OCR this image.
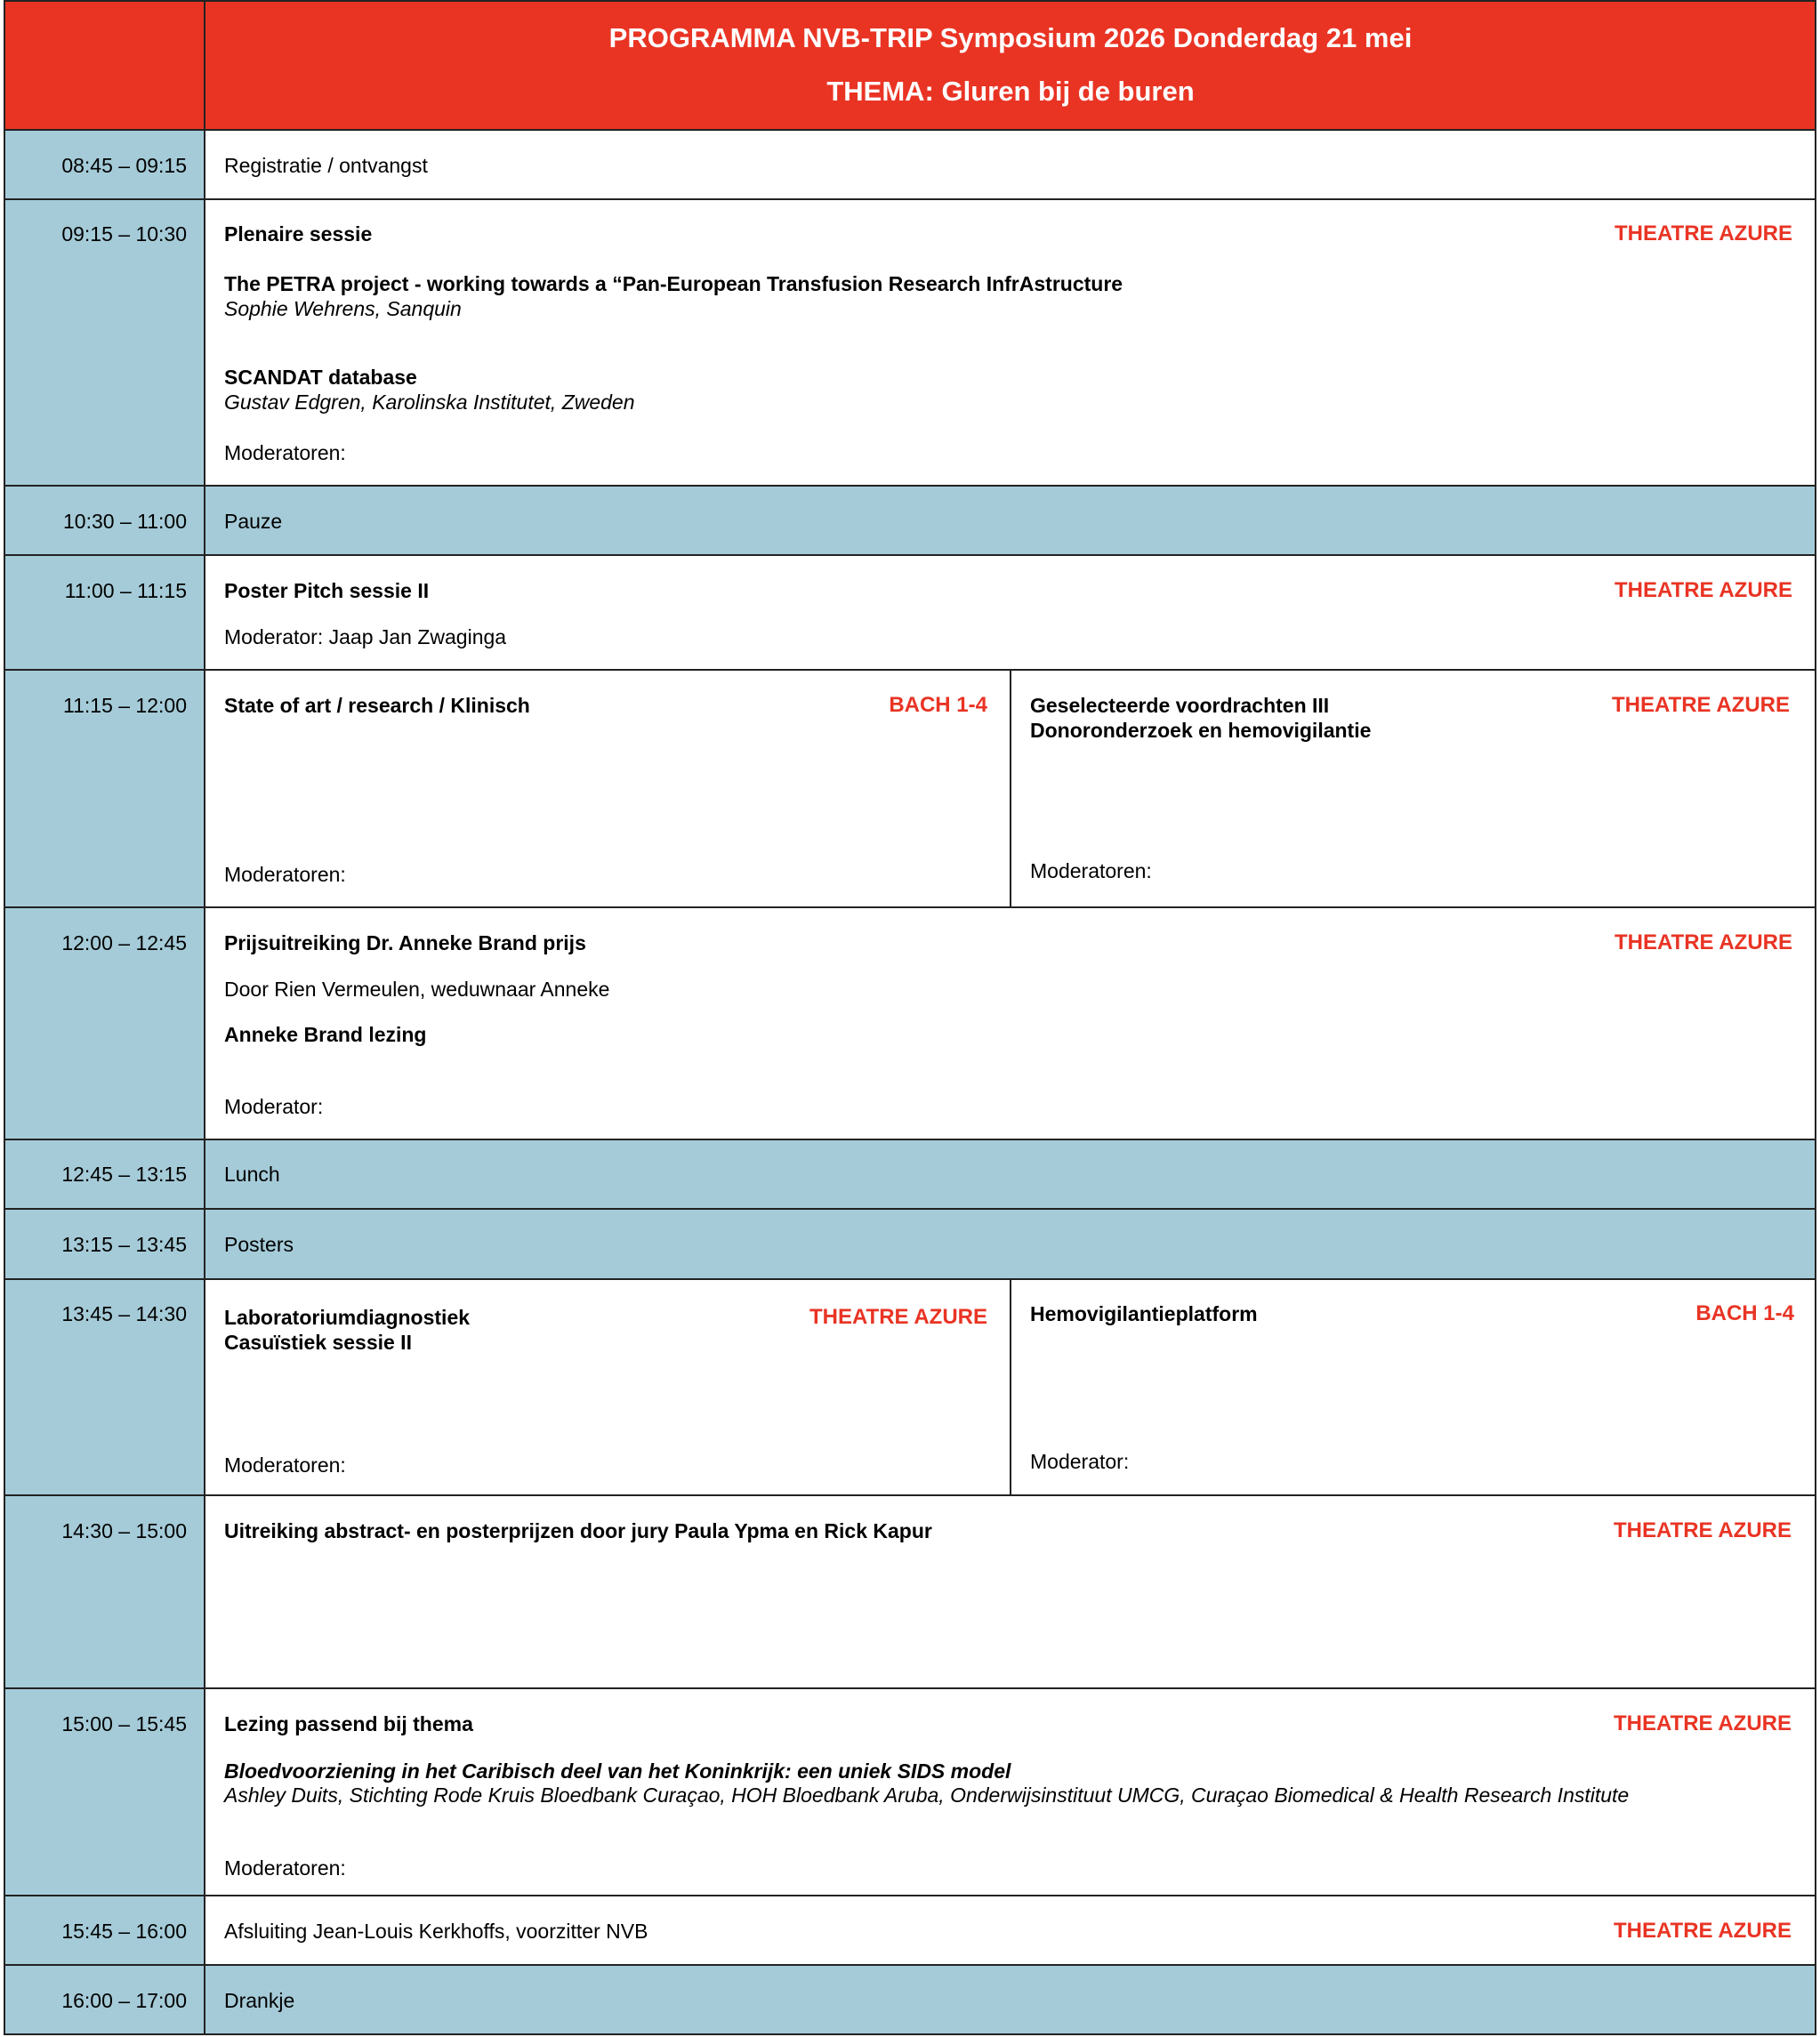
PROGRAMMA NVB-TRIP Symposium 2026 Donderdag 21 mei
THEMA: Gluren bij de buren
08:45 – 09:15 Registratie / ontvangst
09:15 – 10:30 Plenaire sessie	THEATRE AZURE
The PETRA project - working towards a “Pan-European Transfusion Research InfrAstructure
Sophie Wehrens, Sanquin
SCANDAT database
Gustav Edgren, Karolinska Institutet, Zweden
Moderatoren:
10:30 – 11:00 Pauze
11:00 – 11:15 Poster Pitch sessie II	THEATRE AZURE
Moderator: Jaap Jan Zwaginga
11:15 – 12:00 State of art / research / Klinisch	BACH 1-4
Moderatoren:
Geselecteerde voordrachten III
Donoronderzoek en hemovigilantie
THEATRE AZURE
Moderatoren:
12:00 – 12:45 Prijsuitreiking Dr. Anneke Brand prijs	THEATRE AZURE
Door Rien Vermeulen, weduwnaar Anneke
Anneke Brand lezing
Moderator:
12:45 – 13:15 Lunch
13:15 – 13:45 Posters
13:45 – 14:30 Laboratoriumdiagnostiek
Casuïstiek sessie II
THEATRE AZURE
Moderatoren:
Hemovigilantieplatform	BACH 1-4
Moderator:
14:30 – 15:00 Uitreiking abstract- en posterprijzen door jury Paula Ypma en Rick Kapur	THEATRE AZURE
15:00 – 15:45 Lezing passend bij thema	THEATRE AZURE
Bloedvoorziening in het Caribisch deel van het Koninkrijk: een uniek SIDS model
Ashley Duits, Stichting Rode Kruis Bloedbank Curaçao, HOH Bloedbank Aruba, Onderwijsinstituut UMCG, Curaçao Biomedical & Health Research Institute
Moderatoren:
15:45 – 16:00 Afsluiting Jean-Louis Kerkhoffs, voorzitter NVB	THEATRE AZURE
16:00 – 17:00 Drankje
